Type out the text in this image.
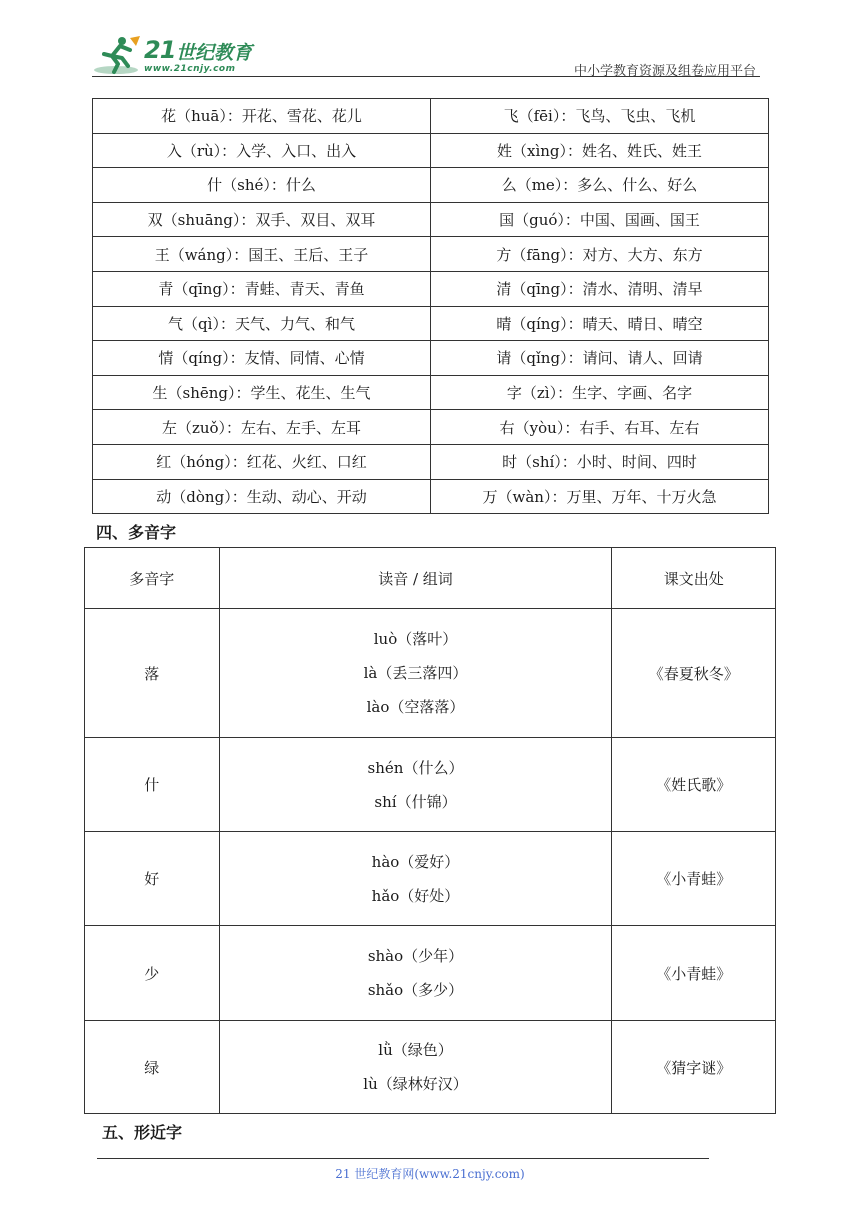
21 世纪教育
www.21cnjy.com	中小学教育资源及组卷应用平台
花（huā）：开花、雪花、花儿	飞（fēi）：飞鸟、飞虫、飞机
入（rù）：入学、入口、出入	姓（xìng）：姓名、姓氏、姓王
什（shé）：什么	么（me）：多么、什么、好么
双（shuāng）：双手、双目、双耳	国（guó）：中国、国画、国王
王（wáng）：国王、王后、王子	方（fāng）：对方、大方、东方
青（qīng）：青蛙、青天、青鱼	清（qīng）：清水、清明、清早
气（qì）：天气、力气、和气	晴（qíng）：晴天、晴日、晴空
情（qíng）：友情、同情、心情	请（qǐng）：请问、请人、回请
生（shēng）：学生、花生、生气	字（zì）：生字、字画、名字
左（zuǒ）：左右、左手、左耳	右（yòu）：右手、右耳、左右
红（hóng）：红花、火红、口红	时（shí）：小时、时间、四时
动（dòng）：生动、动心、开动	万（wàn）：万里、万年、十万火急
四、多音字
多音字	读音 / 组词	课文出处
落	luò（落叶）
là（丢三落四）
lào（空落落）	《春夏秋冬》
什	shén（什么）
shí（什锦）	《姓氏歌》
好	hào（爱好）
hǎo（好处）	《小青蛙》
少	shào（少年）
shǎo（多少）	《小青蛙》
绿	lǜ（绿色）
lù（绿林好汉）	《猜字谜》
五、形近字
21 世纪教育网(www.21cnjy.com)
